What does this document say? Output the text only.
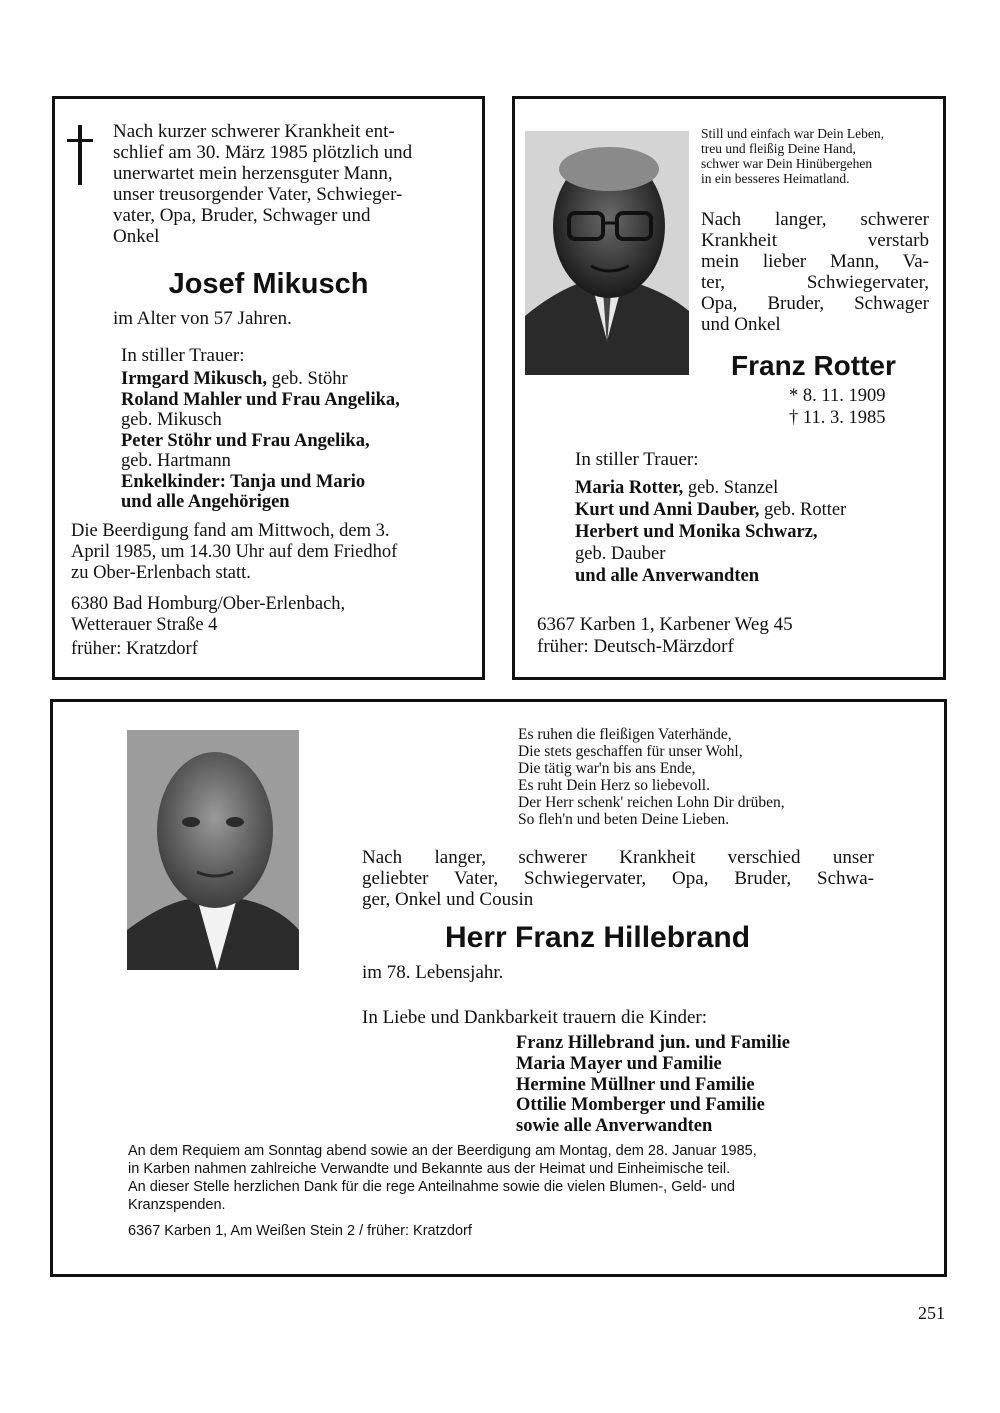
Nach kurzer schwerer Krankheit ent-
schlief am 30. März 1985 plötzlich und
unerwartet mein herzensguter Mann,
unser treusorgender Vater, Schwieger-
vater, Opa, Bruder, Schwager und
Onkel

Josef Mikusch

im Alter von 57 Jahren.

In stiller Trauer:

Irmgard Mikusch, geb. Stöhr
Roland Mahler und Frau Angelika,
geb. Mikusch
Peter Stöhr und Frau Angelika,
geb. Hartmann
Enkelkinder: Tanja und Mario
und alle Angehörigen

Die Beerdigung fand am Mittwoch, dem 3.
April 1985, um 14.30 Uhr auf dem Friedhof
zu Ober-Erlenbach statt.

6380 Bad Homburg/Ober-Erlenbach,
Wetterauer Straße 4

früher: Kratzdorf

Still und einfach war Dein Leben,
treu und fleißig Deine Hand,
schwer war Dein Hinübergehen
in ein besseres Heimatland.

Nach langer, schwerer
Krankheit verstarb
mein lieber Mann, Va-
ter, Schwiegervater,
Opa, Bruder, Schwager
und Onkel

Franz Rotter

* 8. 11. 1909

† 11. 3. 1985

In stiller Trauer:

Maria Rotter, geb. Stanzel
Kurt und Anni Dauber, geb. Rotter
Herbert und Monika Schwarz,
geb. Dauber
und alle Anverwandten

6367 Karben 1, Karbener Weg 45

früher: Deutsch-Märzdorf

Es ruhen die fleißigen Vaterhände,
Die stets geschaffen für unser Wohl,
Die tätig war'n bis ans Ende,
Es ruht Dein Herz so liebevoll.
Der Herr schenk' reichen Lohn Dir drüben,
So fleh'n und beten Deine Lieben.

Nach langer, schwerer Krankheit verschied unser
geliebter Vater, Schwiegervater, Opa, Bruder, Schwa-
ger, Onkel und Cousin

Herr Franz Hillebrand

im 78. Lebensjahr.

In Liebe und Dankbarkeit trauern die Kinder:

Franz Hillebrand jun. und Familie
Maria Mayer und Familie
Hermine Müllner und Familie
Ottilie Momberger und Familie
sowie alle Anverwandten

An dem Requiem am Sonntag abend sowie an der Beerdigung am Montag, dem 28. Januar 1985,
in Karben nahmen zahlreiche Verwandte und Bekannte aus der Heimat und Einheimische teil.
An dieser Stelle herzlichen Dank für die rege Anteilnahme sowie die vielen Blumen-, Geld- und
Kranzspenden.

6367 Karben 1, Am Weißen Stein 2 / früher: Kratzdorf

251
